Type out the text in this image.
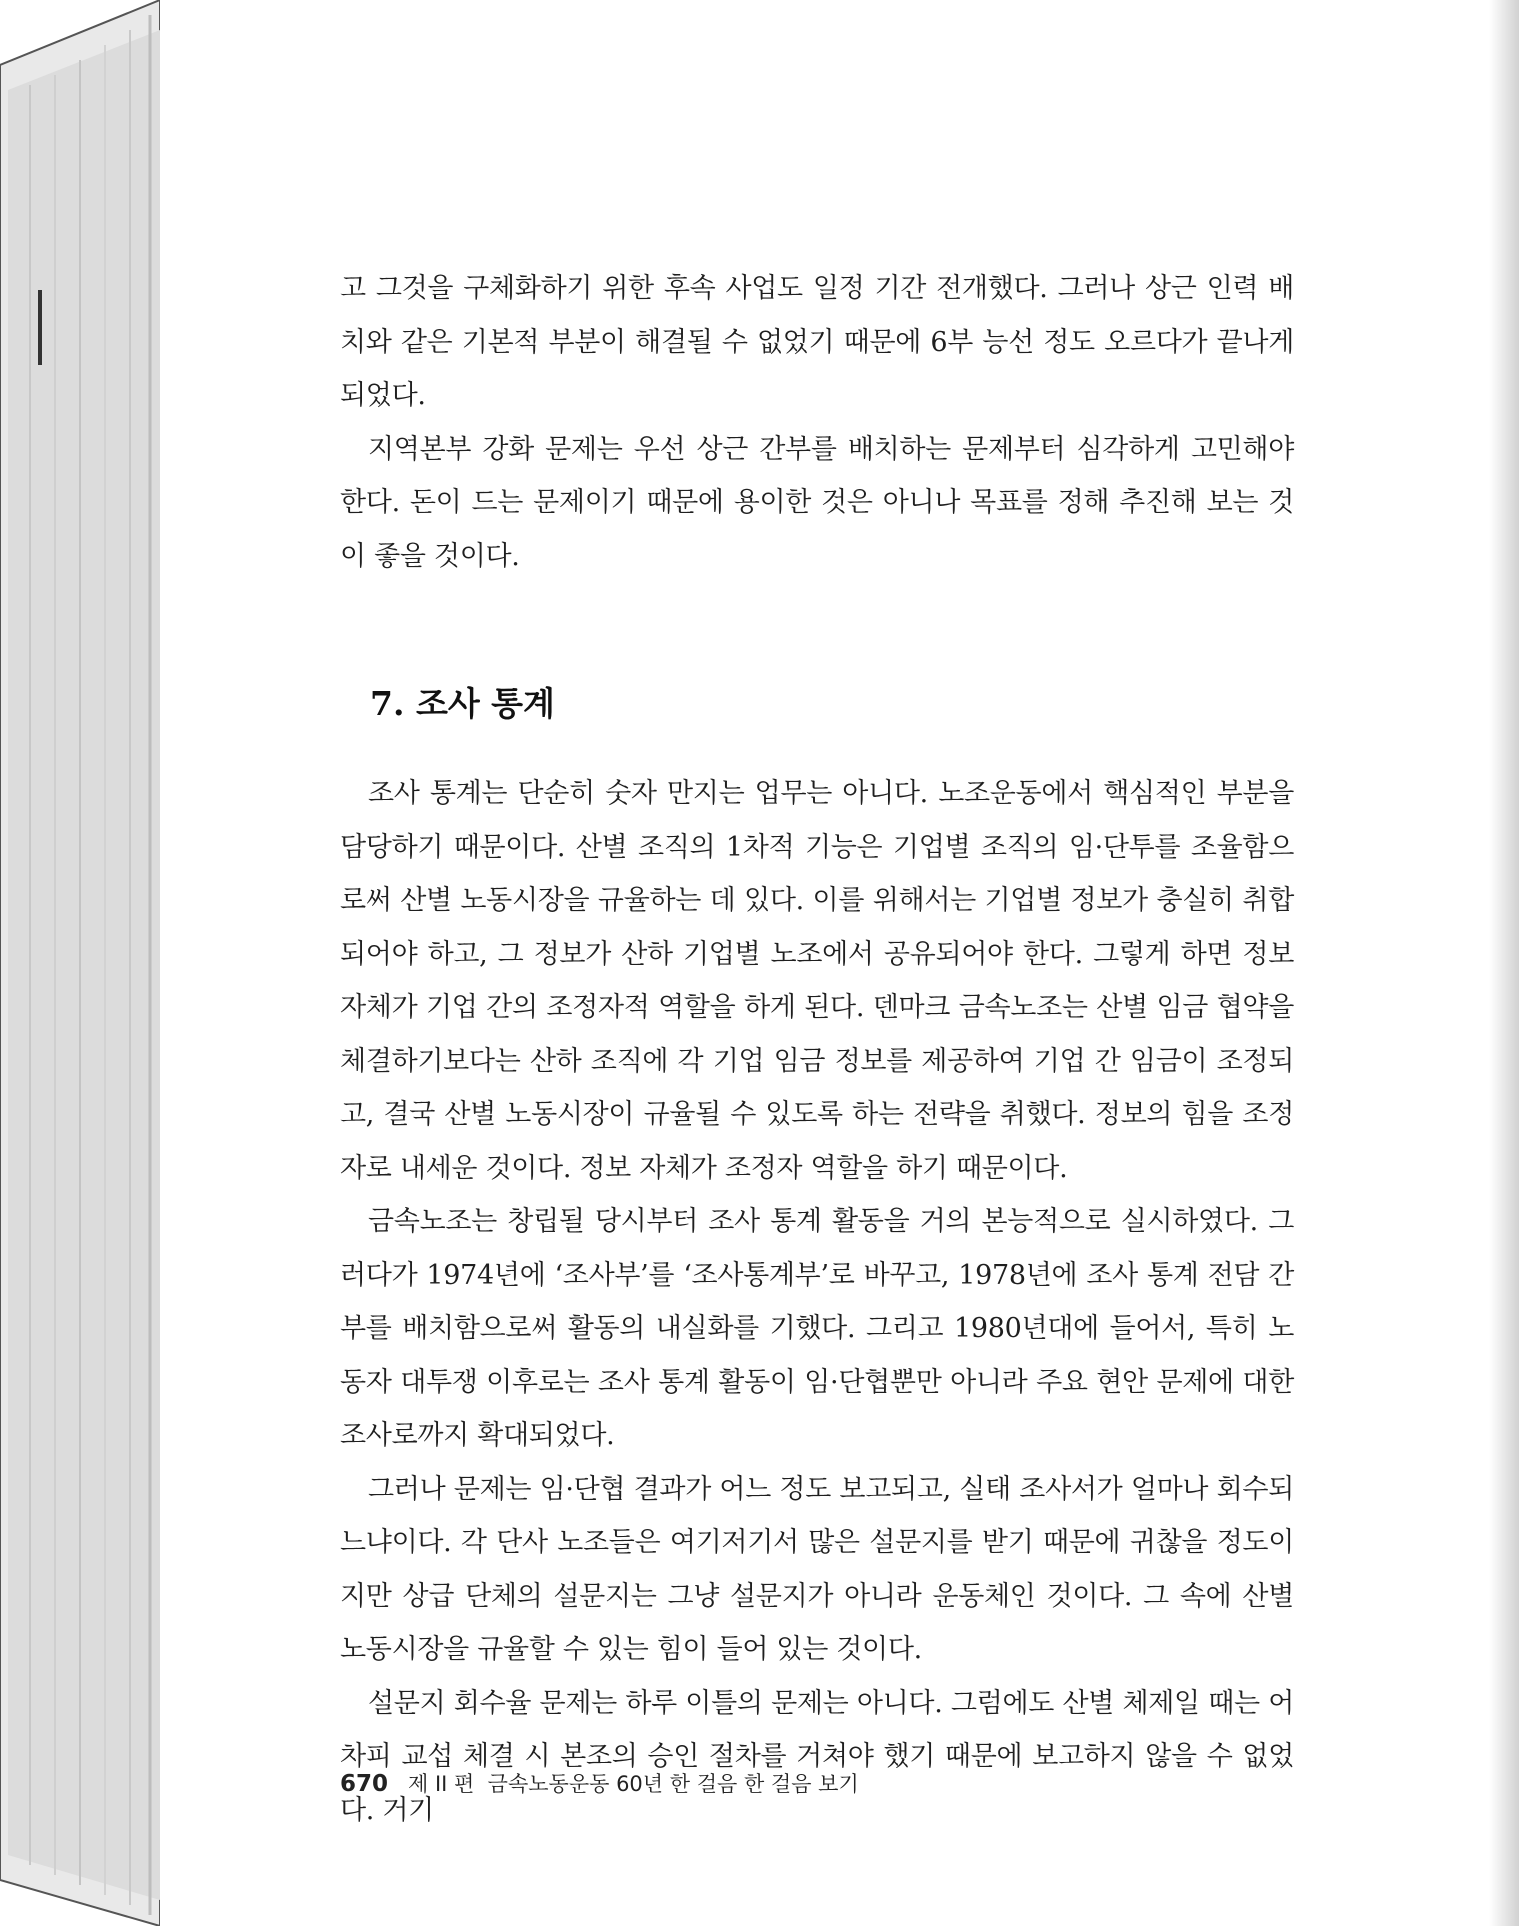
고 그것을 구체화하기 위한 후속 사업도 일정 기간 전개했다. 그러나 상근 인력 배치와 같은 기본적 부분이 해결될 수 없었기 때문에 6부 능선 정도 오르다가 끝나게 되었다.

지역본부 강화 문제는 우선 상근 간부를 배치하는 문제부터 심각하게 고민해야 한다. 돈이 드는 문제이기 때문에 용이한 것은 아니나 목표를 정해 추진해 보는 것이 좋을 것이다.

7. 조사 통계

조사 통계는 단순히 숫자 만지는 업무는 아니다. 노조운동에서 핵심적인 부분을 담당하기 때문이다. 산별 조직의 1차적 기능은 기업별 조직의 임·단투를 조율함으로써 산별 노동시장을 규율하는 데 있다. 이를 위해서는 기업별 정보가 충실히 취합되어야 하고, 그 정보가 산하 기업별 노조에서 공유되어야 한다. 그렇게 하면 정보 자체가 기업 간의 조정자적 역할을 하게 된다. 덴마크 금속노조는 산별 임금 협약을 체결하기보다는 산하 조직에 각 기업 임금 정보를 제공하여 기업 간 임금이 조정되고, 결국 산별 노동시장이 규율될 수 있도록 하는 전략을 취했다. 정보의 힘을 조정자로 내세운 것이다. 정보 자체가 조정자 역할을 하기 때문이다.

금속노조는 창립될 당시부터 조사 통계 활동을 거의 본능적으로 실시하였다. 그러다가 1974년에 ‘조사부’를 ‘조사통계부’로 바꾸고, 1978년에 조사 통계 전담 간부를 배치함으로써 활동의 내실화를 기했다. 그리고 1980년대에 들어서, 특히 노동자 대투쟁 이후로는 조사 통계 활동이 임·단협뿐만 아니라 주요 현안 문제에 대한 조사로까지 확대되었다.

그러나 문제는 임·단협 결과가 어느 정도 보고되고, 실태 조사서가 얼마나 회수되느냐이다. 각 단사 노조들은 여기저기서 많은 설문지를 받기 때문에 귀찮을 정도이지만 상급 단체의 설문지는 그냥 설문지가 아니라 운동체인 것이다. 그 속에 산별 노동시장을 규율할 수 있는 힘이 들어 있는 것이다.

설문지 회수율 문제는 하루 이틀의 문제는 아니다. 그럼에도 산별 체제일 때는 어차피 교섭 체결 시 본조의 승인 절차를 거쳐야 했기 때문에 보고하지 않을 수 없었다. 거기

670 제 II 편  금속노동운동 60년 한 걸음 한 걸음 보기
